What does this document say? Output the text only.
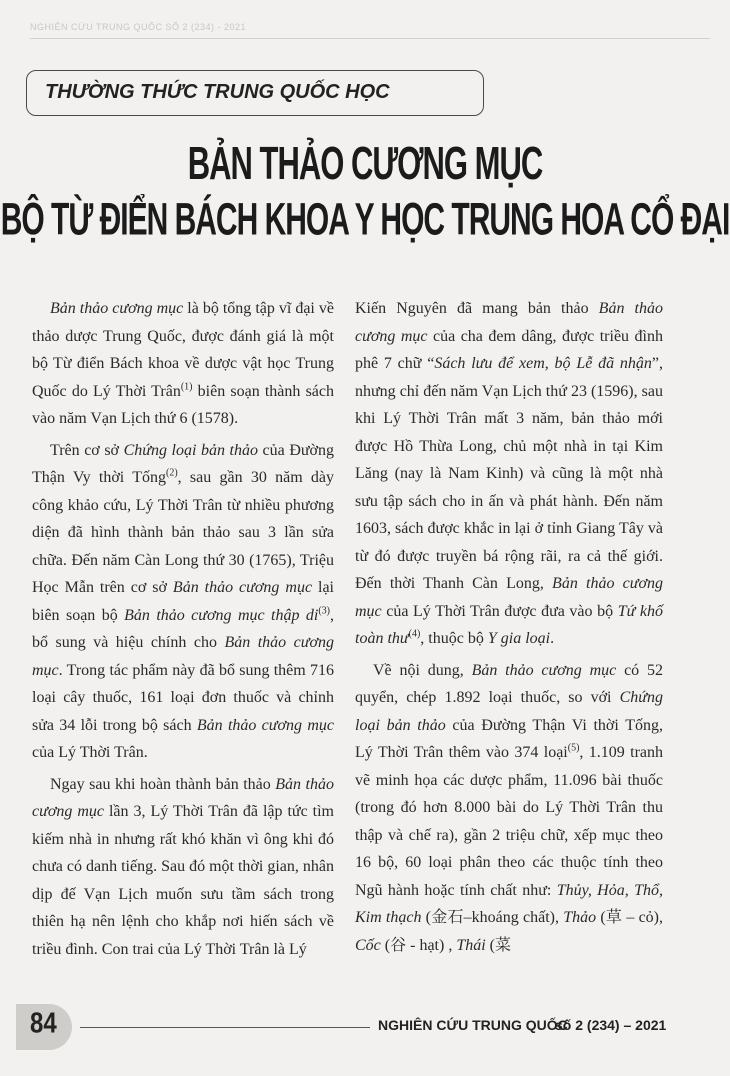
NGHIÊN CỨU TRUNG QUỐC SỐ 2 (234) - 2021
THƯỜNG THỨC TRUNG QUỐC HỌC
BẢN THẢO CƯƠNG MỤC
BỘ TỪ ĐIỂN BÁCH KHOA Y HỌC TRUNG HOA CỔ ĐẠI

Bản thảo cương mục là bộ tổng tập vĩ đại về thảo dược Trung Quốc, được đánh giá là một bộ Từ điển Bách khoa về dược vật học Trung Quốc do Lý Thời Trân$^{(1)}$ biên soạn thành sách vào năm Vạn Lịch thứ 6 (1578).

Trên cơ sở Chứng loại bản thảo của Đường Thận Vy thời Tống$^{(2)}$, sau gần 30 năm dày công khảo cứu, Lý Thời Trân từ nhiều phương diện đã hình thành bản thảo sau 3 lần sửa chữa. Đến năm Càn Long thứ 30 (1765), Triệu Học Mẫn trên cơ sở Bản thảo cương mục lại biên soạn bộ Bản thảo cương mục thập $di^{(3)}$, bổ sung và hiệu chính cho Bản thảo cương mục. Trong tác phẩm này đã bổ sung thêm 716 loại cây thuốc, 161 loại đơn thuốc và chỉnh sửa 34 lỗi trong bộ sách Bản thảo cương mục của Lý Thời Trân.

Ngay sau khi hoàn thành bản thảo Bản thảo cương mục lần 3, Lý Thời Trân đã lập tức tìm kiếm nhà in nhưng rất khó khăn vì ông khi đó chưa có danh tiếng. Sau đó một thời gian, nhân dịp đế Vạn Lịch muốn sưu tầm sách trong thiên hạ nên lệnh cho khắp nơi hiến sách về triều đình. Con trai của Lý Thời Trân là Lý

Kiến Nguyên đã mang bản thảo Bản thảo cương mục của cha đem dâng, được triều đình phê 7 chữ “Sách lưu để xem, bộ Lễ đã nhận”, nhưng chỉ đến năm Vạn Lịch thứ 23 (1596), sau khi Lý Thời Trân mất 3 năm, bản thảo mới được Hồ Thừa Long, chủ một nhà in tại Kim Lăng (nay là Nam Kinh) và cũng là một nhà sưu tập sách cho in ấn và phát hành. Đến năm 1603, sách được khắc in lại ở tỉnh Giang Tây và từ đó được truyền bá rộng rãi, ra cả thế giới. Đến thời Thanh Càn Long, Bản thảo cương mục của Lý Thời Trân được đưa vào bộ Tứ khố toàn thư$^{(4)}$, thuộc bộ Y gia loại.

Về nội dung, Bản thảo cương mục có 52 quyển, chép 1.892 loại thuốc, so với Chứng loại bản thảo của Đường Thận Vi thời Tống, Lý Thời Trân thêm vào 374 loại$^{(5)}$, 1.109 tranh vẽ minh họa các dược phẩm, 11.096 bài thuốc (trong đó hơn 8.000 bài do Lý Thời Trân thu thập và chế ra), gần 2 triệu chữ, xếp mục theo 16 bộ, 60 loại phân theo các thuộc tính theo Ngũ hành hoặc tính chất như: Thủy, Hỏa, Thổ, Kim thạch (金石–khoáng chất), Thảo (草 – cỏ), Cốc (谷 - hạt) , Thái (菜

84	NGHIÊN CỨU TRUNG QUỐC
số 2 (234) – 2021
